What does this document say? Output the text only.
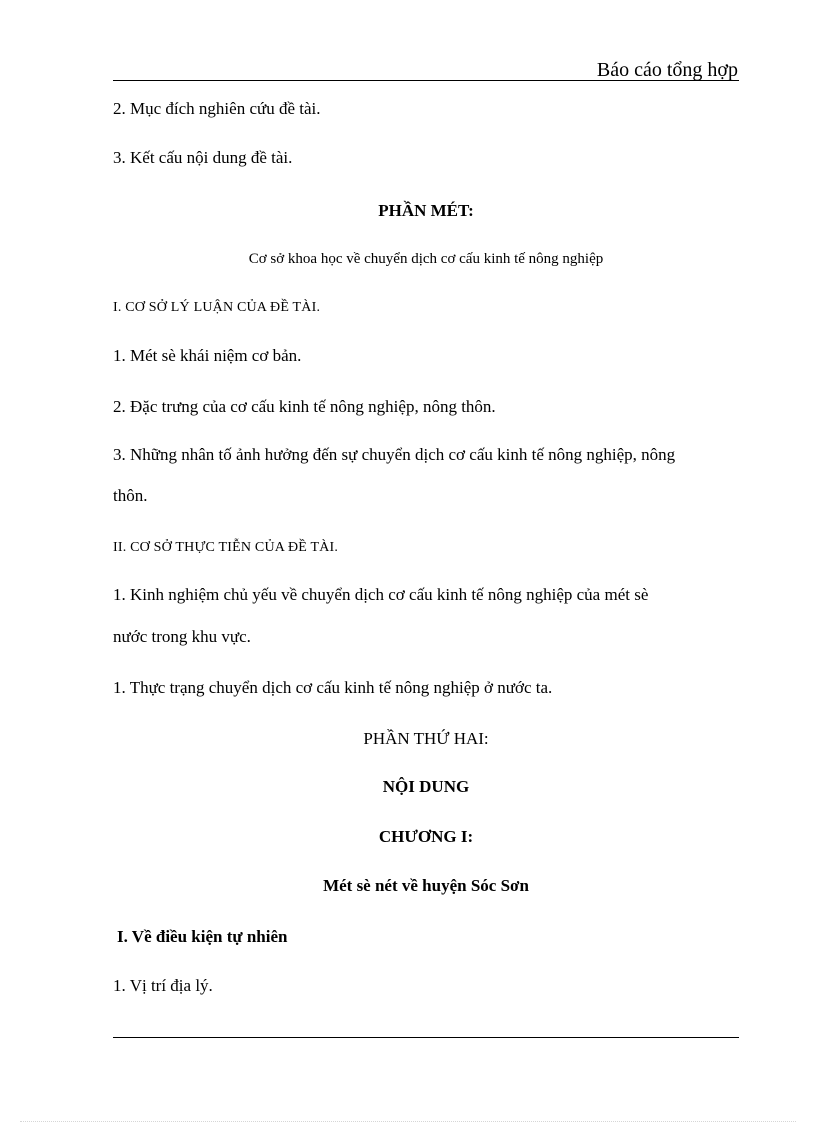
Báo cáo tổng hợp
2. Mục đích nghiên cứu đề tài.
3. Kết cấu nội dung đề tài.
PHẦN MÉT:
Cơ sở khoa học về chuyển dịch cơ cấu kinh tế nông nghiệp
I. CƠ SỞ LÝ LUẬN CỦA ĐỀ TÀI.
1. Mét sè khái niệm cơ bản.
2. Đặc trưng của cơ cấu kinh tế nông nghiệp, nông thôn.
3. Những nhân tố ảnh hưởng đến sự chuyển dịch cơ cấu kinh tế nông nghiệp, nông
thôn.
II. CƠ SỞ THỰC TIỄN CỦA ĐỀ TÀI.
1. Kinh nghiệm chủ yếu về chuyển dịch cơ cấu kinh tế nông nghiệp của mét sè
nước trong khu vực.
1. Thực trạng chuyển dịch cơ cấu kinh tế nông nghiệp ở nước ta.
PHẦN THỨ HAI:
NỘI DUNG
CHƯƠNG I:
Mét sè nét về huyện Sóc Sơn
I. Về điều kiện tự nhiên
1. Vị trí địa lý.
